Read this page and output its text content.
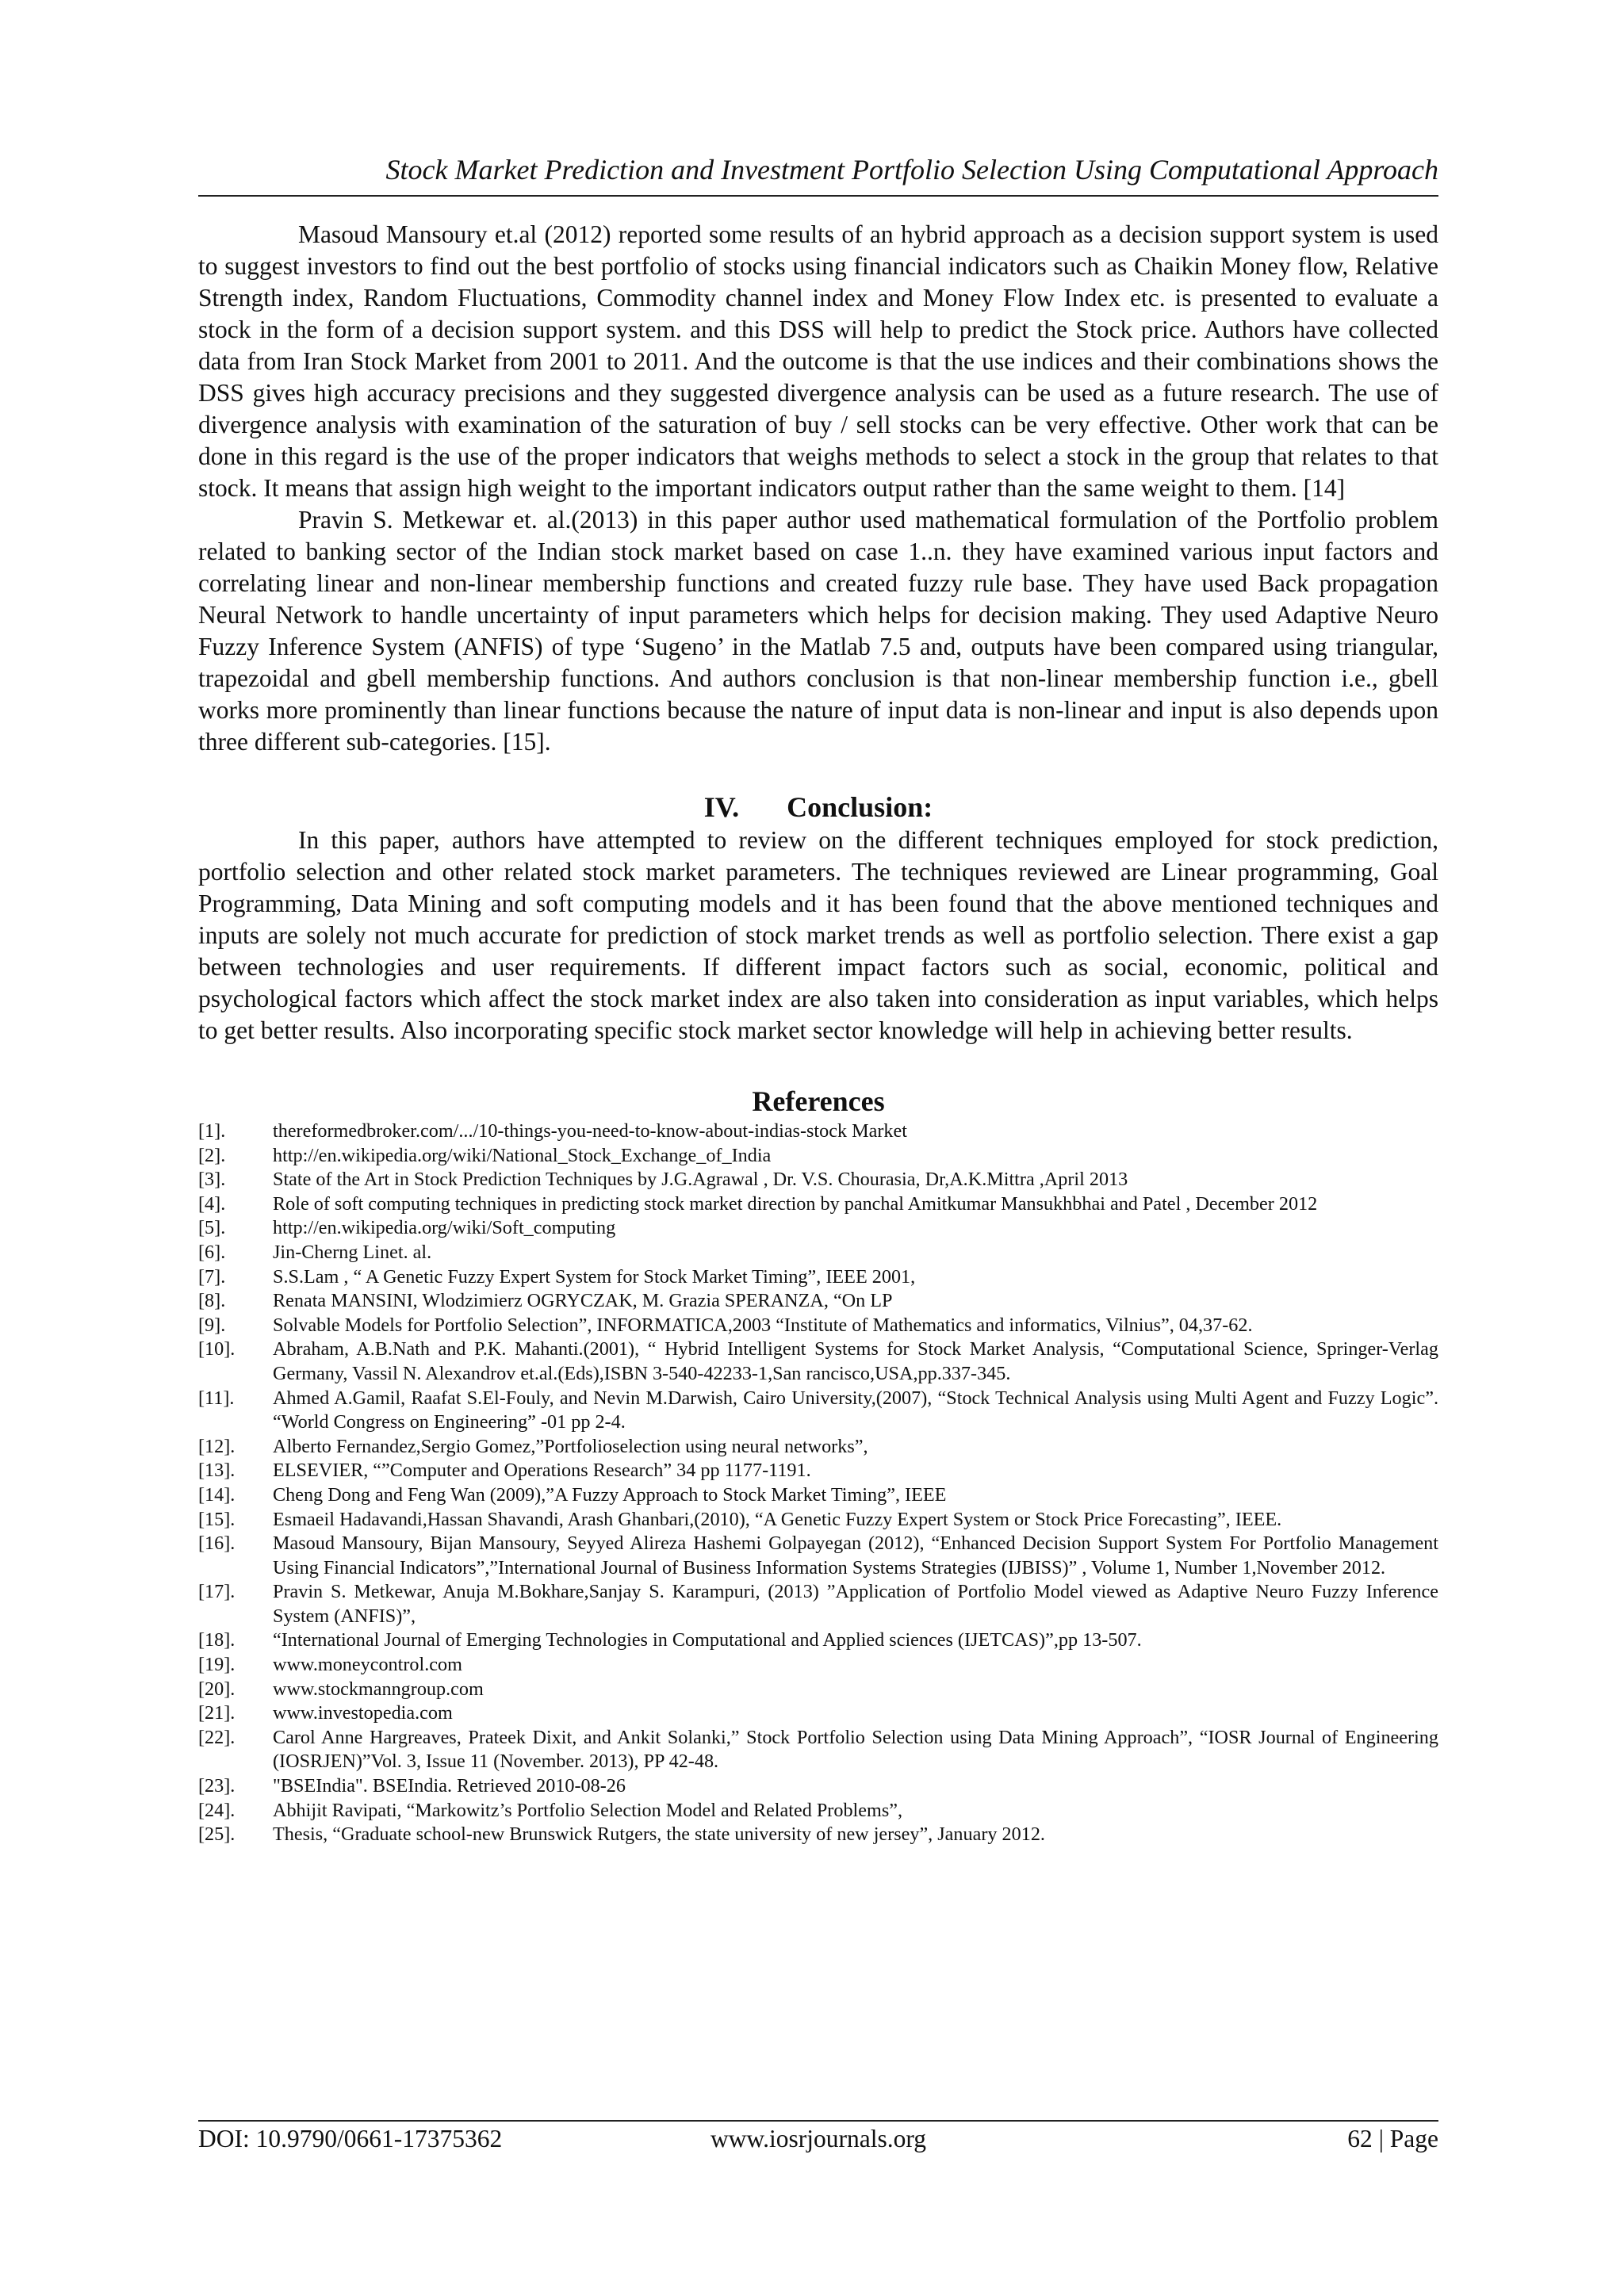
Stock Market Prediction and Investment Portfolio Selection Using Computational Approach

Masoud Mansoury et.al (2012) reported some results of an hybrid approach as a decision support system is used to suggest investors to find out the best portfolio of stocks using financial indicators such as Chaikin Money flow, Relative Strength index, Random Fluctuations, Commodity channel index and Money Flow Index etc. is presented to evaluate a stock in the form of a decision support system. and this DSS will help to predict the Stock price. Authors have collected data from Iran Stock Market from 2001 to 2011. And the outcome is that the use indices and their combinations shows the DSS gives high accuracy precisions and they suggested divergence analysis can be used as a future research. The use of divergence analysis with examination of the saturation of buy / sell stocks can be very effective. Other work that can be done in this regard is the use of the proper indicators that weighs methods to select a stock in the group that relates to that stock. It means that assign high weight to the important indicators output rather than the same weight to them. [14]

Pravin S. Metkewar et. al.(2013) in this paper author used mathematical formulation of the Portfolio problem related to banking sector of the Indian stock market based on case 1..n. they have examined various input factors and correlating linear and non-linear membership functions and created fuzzy rule base. They have used Back propagation Neural Network to handle uncertainty of input parameters which helps for decision making. They used Adaptive Neuro Fuzzy Inference System (ANFIS) of type ‘Sugeno’ in the Matlab 7.5 and, outputs have been compared using triangular, trapezoidal and gbell membership functions. And authors conclusion is that non-linear membership function i.e., gbell works more prominently than linear functions because the nature of input data is non-linear and input is also depends upon three different sub-categories. [15].

IV. Conclusion:

In this paper, authors have attempted to review on the different techniques employed for stock prediction, portfolio selection and other related stock market parameters. The techniques reviewed are Linear programming, Goal Programming, Data Mining and soft computing models and it has been found that the above mentioned techniques and inputs are solely not much accurate for prediction of stock market trends as well as portfolio selection. There exist a gap between technologies and user requirements. If different impact factors such as social, economic, political and psychological factors which affect the stock market index are also taken into consideration as input variables, which helps to get better results. Also incorporating specific stock market sector knowledge will help in achieving better results.

References
[1].	thereformedbroker.com/.../10-things-you-need-to-know-about-indias-stock Market
[2].	http://en.wikipedia.org/wiki/National_Stock_Exchange_of_India
[3].	State of the Art in Stock Prediction Techniques by J.G.Agrawal , Dr. V.S. Chourasia, Dr,A.K.Mittra ,April 2013
[4].	Role of soft computing techniques in predicting stock market direction by panchal Amitkumar Mansukhbhai and Patel , December 2012
[5].	http://en.wikipedia.org/wiki/Soft_computing
[6].	Jin-Cherng Linet. al.
[7].	S.S.Lam , “ A Genetic Fuzzy Expert System for Stock Market Timing”, IEEE 2001,
[8].	Renata MANSINI, Wlodzimierz OGRYCZAK, M. Grazia SPERANZA, “On LP
[9].	Solvable Models for Portfolio Selection”, INFORMATICA,2003 “Institute of Mathematics and informatics, Vilnius”, 04,37-62.
[10].	Abraham, A.B.Nath and P.K. Mahanti.(2001), “ Hybrid Intelligent Systems for Stock Market Analysis, “Computational Science, Springer-Verlag Germany, Vassil N. Alexandrov et.al.(Eds),ISBN 3-540-42233-1,San rancisco,USA,pp.337-345.
[11].	Ahmed A.Gamil, Raafat S.El-Fouly, and Nevin M.Darwish, Cairo University,(2007), “Stock Technical Analysis using Multi Agent and Fuzzy Logic”. “World Congress on Engineering” -01 pp 2-4.
[12].	Alberto Fernandez,Sergio Gomez,”Portfolioselection using neural networks”,
[13].	ELSEVIER, “”Computer and Operations Research” 34 pp 1177-1191.
[14].	Cheng Dong and Feng Wan (2009),”A Fuzzy Approach to Stock Market Timing”, IEEE
[15].	Esmaeil Hadavandi,Hassan Shavandi, Arash Ghanbari,(2010), “A Genetic Fuzzy Expert System or Stock Price Forecasting”, IEEE.
[16].	Masoud Mansoury, Bijan Mansoury, Seyyed Alireza Hashemi Golpayegan (2012), “Enhanced Decision Support System For Portfolio Management Using Financial Indicators”,”International Journal of Business Information Systems Strategies (IJBISS)” , Volume 1, Number 1,November 2012.
[17].	Pravin S. Metkewar, Anuja M.Bokhare,Sanjay S. Karampuri, (2013) ”Application of Portfolio Model viewed as Adaptive Neuro Fuzzy Inference System (ANFIS)”,
[18].	“International Journal of Emerging Technologies in Computational and Applied sciences (IJETCAS)”,pp 13-507.
[19].	www.moneycontrol.com
[20].	www.stockmanngroup.com
[21].	www.investopedia.com
[22].	Carol Anne Hargreaves, Prateek Dixit, and Ankit Solanki,” Stock Portfolio Selection using Data Mining Approach”, “IOSR Journal of Engineering (IOSRJEN)”Vol. 3, Issue 11 (November. 2013), PP 42-48.
[23].	"BSEIndia". BSEIndia. Retrieved 2010-08-26
[24].	Abhijit Ravipati, “Markowitz’s Portfolio Selection Model and Related Problems”,
[25].	Thesis, “Graduate school-new Brunswick Rutgers, the state university of new jersey”, January 2012.
DOI: 10.9790/0661-17375362	www.iosrjournals.org	62 | Page
